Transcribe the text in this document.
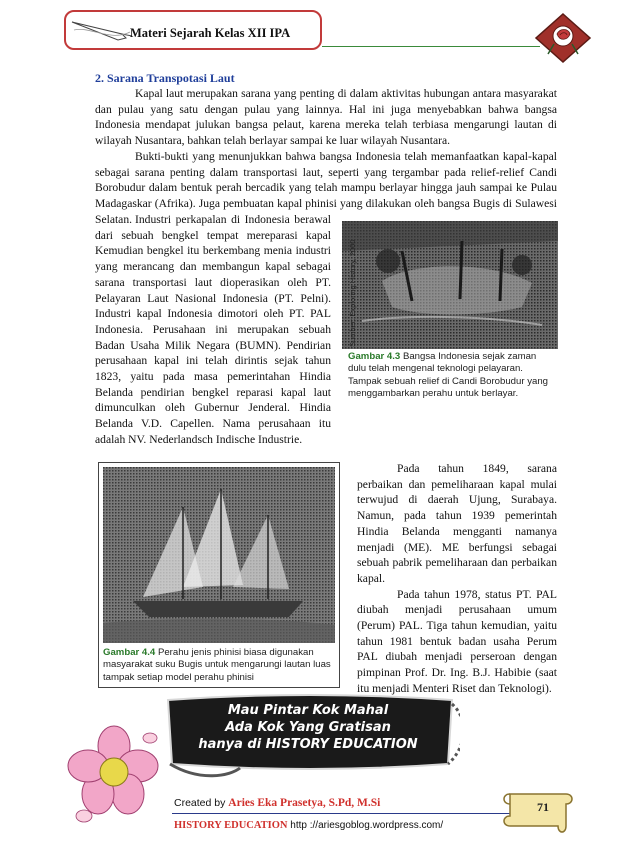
Materi Sejarah Kelas XII IPA
2. Sarana Transpotasi Laut

Kapal laut merupakan sarana yang penting di dalam aktivitas hubungan antara masyarakat dan pulau yang satu dengan pulau yang lainnya. Hal ini juga menyebabkan bahwa bangsa Indonesia mendapat julukan bangsa pelaut, karena mereka telah terbiasa mengarungi lautan di wilayah Nusantara, bahkan telah berlayar sampai ke luar wilayah Nusantara.

Bukti-bukti yang menunjukkan bahwa bangsa Indonesia telah memanfaatkan kapal-kapal sebagai sarana penting dalam transportasi laut, seperti yang tergambar pada relief-relief Candi Borobudur dalam bentuk perah bercadik yang telah mampu berlayar hingga jauh sampai ke Pulau Madagaskar (Afrika). Juga pembuatan kapal phinisi yang dilakukan oleh bangsa Bugis di Sulawesi Selatan. Industri perkapalan di Indonesia berawal dari sebuah bengkel tempat mereparasi kapal Kemudian bengkel itu berkembang menia industri yang merancang dan membangun kapal sebagai sarana transportasi laut dioperasikan oleh PT. Pelayaran Laut Nasional Indonesia (PT. Pelni). Industri kapal Indonesia dimotori oleh PT. PAL Indonesia. Perusahaan ini merupakan sebuah Badan Usaha Milik Negara (BUMN). Pendirian perusahaan kapal ini telah dirintis sejak tahun 1823, yaitu pada masa pemerintahan Hindia Belanda pendirian bengkel reparasi kapal laut dimunculkan oleh Gubernur Jenderal. Hindia Belanda V.D. Capellen. Nama perusahaan itu adalah NV. Nederlandsch Indische Industrie.

Sumber: Exploring History, 2000
Gambar 4.3 Bangsa Indonesia sejak zaman dulu telah mengenal teknologi pelayaran. Tampak sebuah relief di Candi Borobudur yang menggambarkan perahu untuk berlayar.
Gambar 4.4 Perahu jenis phinisi biasa digunakan masyarakat suku Bugis untuk mengarungi lautan luas tampak setiap model perahu phinisi

Pada tahun 1849, sarana perbaikan dan pemeliharaan kapal mulai terwujud di daerah Ujung, Surabaya. Namun, pada tahun 1939 pemerintah Hindia Belanda mengganti namanya menjadi (ME). ME berfungsi sebagai sebuah pabrik pemeliharaan dan perbaikan kapal.

Pada tahun 1978, status PT. PAL diubah menjadi perusahaan umum (Perum) PAL. Tiga tahun kemudian, yaitu tahun 1981 bentuk badan usaha Perum PAL diubah menjadi perseroan dengan pimpinan Prof. Dr. Ing. B.J. Habibie (saat itu menjadi Menteri Riset dan Teknologi).

Mau Pintar Kok Mahal
Ada Kok Yang Gratisan
hanya di HISTORY EDUCATION
Created by Aries Eka Prasetya, S.Pd, M.Si
HISTORY EDUCATION http ://ariesgoblog.wordpress.com/
71
